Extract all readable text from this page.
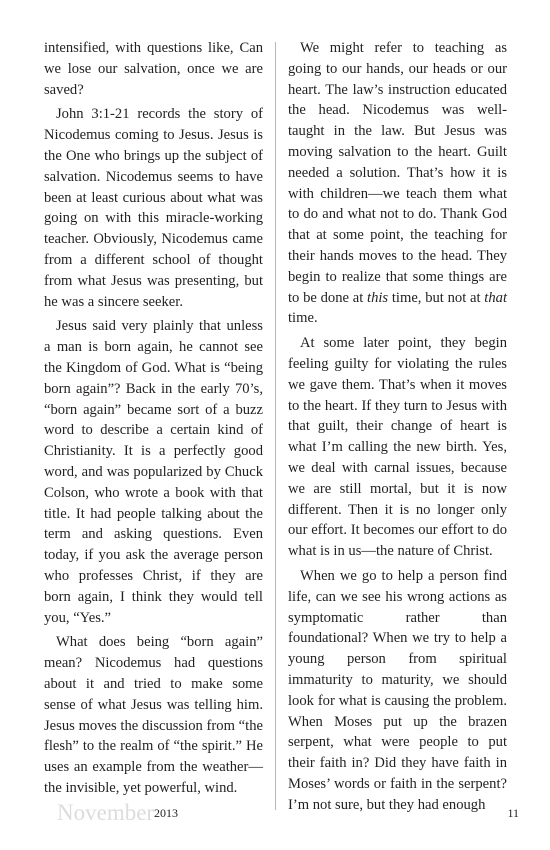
intensified, with questions like, Can we lose our salvation, once we are saved?

John 3:1-21 records the story of Nicodemus coming to Jesus. Jesus is the One who brings up the subject of salvation. Nicodemus seems to have been at least curious about what was going on with this miracle-working teacher. Obviously, Nicodemus came from a different school of thought from what Jesus was presenting, but he was a sincere seeker.

Jesus said very plainly that unless a man is born again, he cannot see the Kingdom of God. What is “being born again”? Back in the early 70’s, “born again” became sort of a buzz word to describe a certain kind of Christianity. It is a perfectly good word, and was popularized by Chuck Colson, who wrote a book with that title. It had people talking about the term and asking questions. Even today, if you ask the average person who professes Christ, if they are born again, I think they would tell you, “Yes.”

What does being “born again” mean? Nicodemus had questions about it and tried to make some sense of what Jesus was telling him. Jesus moves the discussion from “the flesh” to the realm of “the spirit.” He uses an example from the weather—the invisible, yet powerful, wind.

We might refer to teaching as going to our hands, our heads or our heart. The law’s instruction educated the head. Nicodemus was well-taught in the law. But Jesus was moving salvation to the heart. Guilt needed a solution. That’s how it is with children—we teach them what to do and what not to do. Thank God that at some point, the teaching for their hands moves to the head. They begin to realize that some things are to be done at this time, but not at that time.

At some later point, they begin feeling guilty for violating the rules we gave them. That’s when it moves to the heart. If they turn to Jesus with that guilt, their change of heart is what I’m calling the new birth. Yes, we deal with carnal issues, because we are still mortal, but it is now different. Then it is no longer only our effort. It becomes our effort to do what is in us—the nature of Christ.

When we go to help a person find life, can we see his wrong actions as symptomatic rather than foundational? When we try to help a young person from spiritual immaturity to maturity, we should look for what is causing the problem. When Moses put up the brazen serpent, what were people to put their faith in? Did they have faith in Moses’ words or faith in the serpent? I’m not sure, but they had enough

November 2013	11
